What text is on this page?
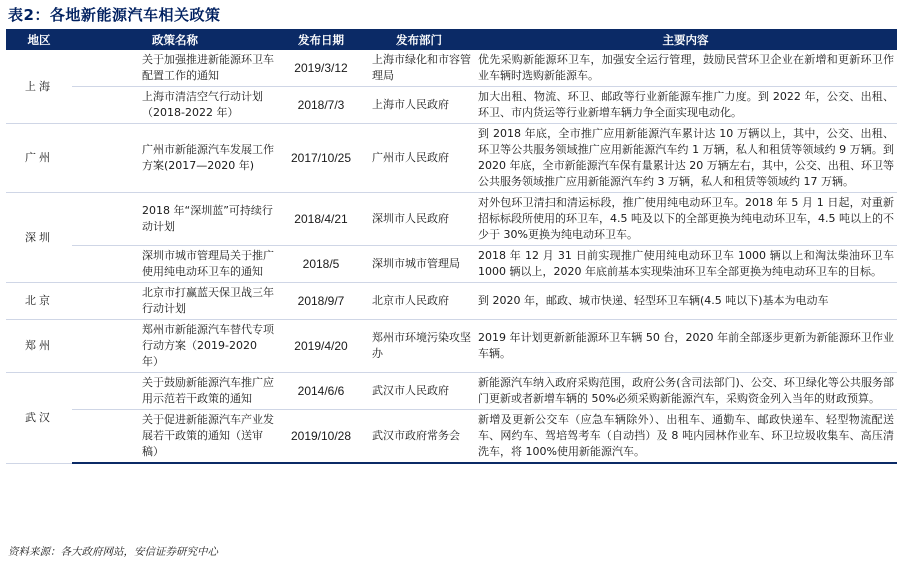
表2：各地新能源汽车相关政策
地区	政策名称	发布日期	发布部门	主要内容
上海	关于加强推进新能源环卫车配置工作的通知	2019/3/12	上海市绿化和市容管理局	优先采购新能源环卫车，加强安全运行管理，鼓励民营环卫企业在新增和更新环卫作业车辆时选购新能源车。
	上海市清洁空气行动计划（2018-2022 年）	2018/7/3	上海市人民政府	加大出租、物流、环卫、邮政等行业新能源车推广力度。到 2022 年，公交、出租、环卫、市内货运等行业新增车辆力争全面实现电动化。
广州	广州市新能源汽车发展工作方案(2017—2020 年)	2017/10/25	广州市人民政府	到 2018 年底，全市推广应用新能源汽车累计达 10 万辆以上，其中，公交、出租、环卫等公共服务领域推广应用新能源汽车约 1 万辆，私人和租赁等领域约 9 万辆。到 2020 年底，全市新能源汽车保有量累计达 20 万辆左右，其中，公交、出租、环卫等公共服务领域推广应用新能源汽车约 3 万辆，私人和租赁等领域约 17 万辆。
深圳	2018 年“深圳蓝”可持续行动计划	2018/4/21	深圳市人民政府	对外包环卫清扫和清运标段，推广使用纯电动环卫车。2018 年 5 月 1 日起，对重新招标标段所使用的环卫车，4.5 吨及以下的全部更换为纯电动环卫车，4.5 吨以上的不少于 30%更换为纯电动环卫车。
	深圳市城市管理局关于推广使用纯电动环卫车的通知	2018/5	深圳市城市管理局	2018 年 12 月 31 日前实现推广使用纯电动环卫车 1000 辆以上和淘汰柴油环卫车 1000 辆以上，2020 年底前基本实现柴油环卫车全部更换为纯电动环卫车的目标。
北京	北京市打赢蓝天保卫战三年行动计划	2018/9/7	北京市人民政府	到 2020 年，邮政、城市快递、轻型环卫车辆(4.5 吨以下)基本为电动车
郑州	郑州市新能源汽车替代专项行动方案（2019-2020 年）	2019/4/20	郑州市环境污染攻坚办	2019 年计划更新新能源环卫车辆 50 台，2020 年前全部逐步更新为新能源环卫作业车辆。
武汉	关于鼓励新能源汽车推广应用示范若干政策的通知	2014/6/6	武汉市人民政府	新能源汽车纳入政府采购范围，政府公务(含司法部门)、公交、环卫绿化等公共服务部门更新或者新增车辆的 50%必须采购新能源汽车，采购资金列入当年的财政预算。
	关于促进新能源汽车产业发展若干政策的通知（送审稿）	2019/10/28	武汉市政府常务会	新增及更新公交车（应急车辆除外）、出租车、通勤车、邮政快递车、轻型物流配送车、网约车、驾培驾考车（自动挡）及 8 吨内园林作业车、环卫垃圾收集车、高压清洗车，将 100%使用新能源汽车。
资料来源：各大政府网站，安信证券研究中心
